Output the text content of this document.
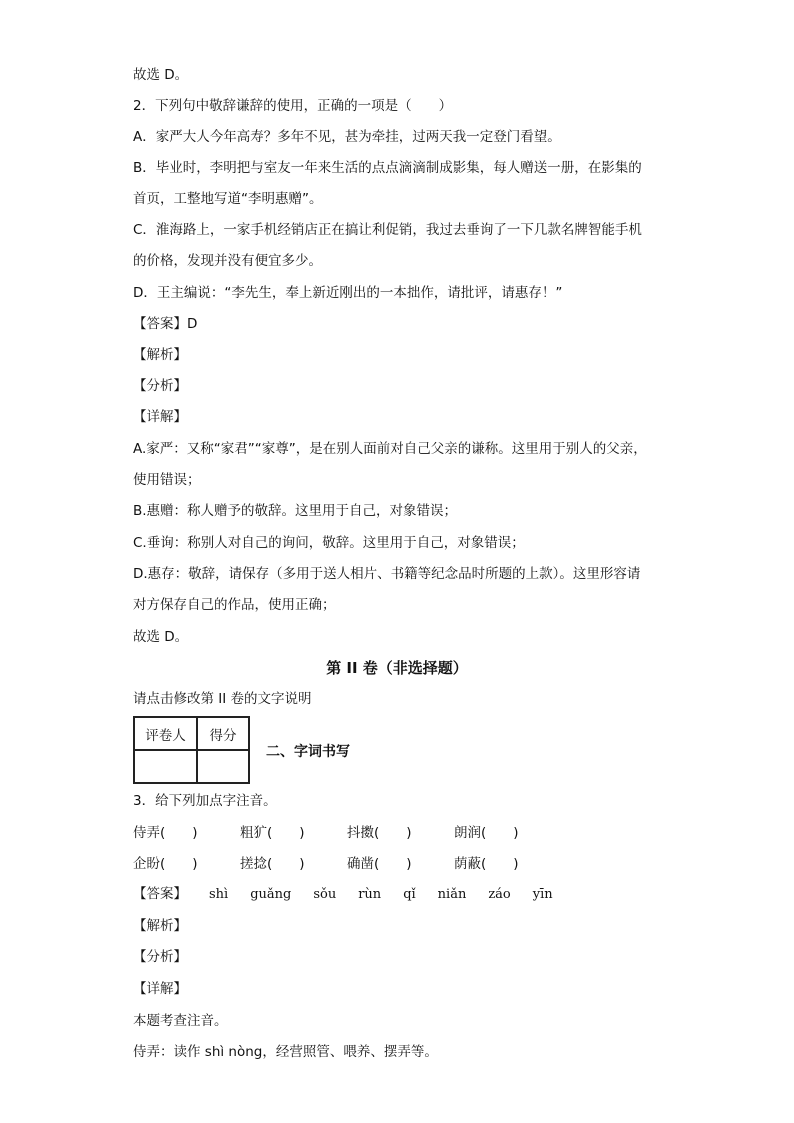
故选 D。
2．下列句中敬辞谦辞的使用，正确的一项是（　　）
A．家严大人今年高寿？多年不见，甚为牵挂，过两天我一定登门看望。
B．毕业时，李明把与室友一年来生活的点点滴滴制成影集，每人赠送一册，在影集的
首页，工整地写道“李明惠赠”。
C．淮海路上，一家手机经销店正在搞让利促销，我过去垂询了一下几款名牌智能手机
的价格，发现并没有便宜多少。
D．王主编说：“李先生，奉上新近刚出的一本拙作，请批评，请惠存！”
【答案】D
【解析】
【分析】
【详解】
A.家严：又称“家君”“家尊”，是在别人面前对自己父亲的谦称。这里用于别人的父亲，
使用错误；
B.惠赠：称人赠予的敬辞。这里用于自己，对象错误；
C.垂询：称别人对自己的询问，敬辞。这里用于自己，对象错误；
D.惠存：敬辞，请保存（多用于送人相片、书籍等纪念品时所题的上款）。这里形容请
对方保存自己的作品，使用正确；
故选 D。
第 II 卷（非选择题）
请点击修改第 II 卷的文字说明
评卷人	得分

二、字词书写
3．给下列加点字注音。
侍弄(　　)	粗犷(　　)	抖擞(　　)	朗润(　　)
企盼(　　)	搓捻(　　)	确凿(　　)	荫蔽(　　)
【答案】 shì guǎng sǒu rùn qǐ niǎn záo yīn
【解析】
【分析】
【详解】
本题考查注音。
侍弄：读作 shì nòng，经营照管、喂养、摆弄等。
